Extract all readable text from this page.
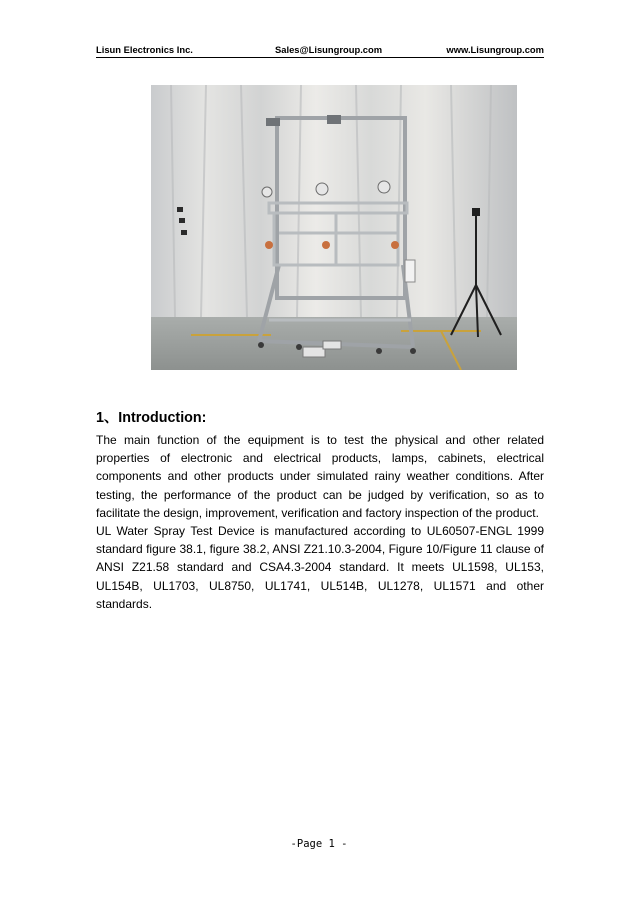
Lisun Electronics Inc.	Sales@Lisungroup.com	www.Lisungroup.com
1、Introduction:

The main function of the equipment is to test the physical and other related properties of electronic and electrical products, lamps, cabinets, electrical components and other products under simulated rainy weather conditions. After testing, the performance of the product can be judged by verification, so as to facilitate the design, improvement, verification and factory inspection of the product.

UL Water Spray Test Device is manufactured according to UL60507-ENGL 1999 standard figure 38.1, figure 38.2, ANSI Z21.10.3-2004, Figure 10/Figure 11 clause of ANSI Z21.58 standard and CSA4.3-2004 standard. It meets UL1598, UL153, UL154B, UL1703, UL8750, UL1741, UL514B, UL1278, UL1571 and other standards.

-Page 1 -
